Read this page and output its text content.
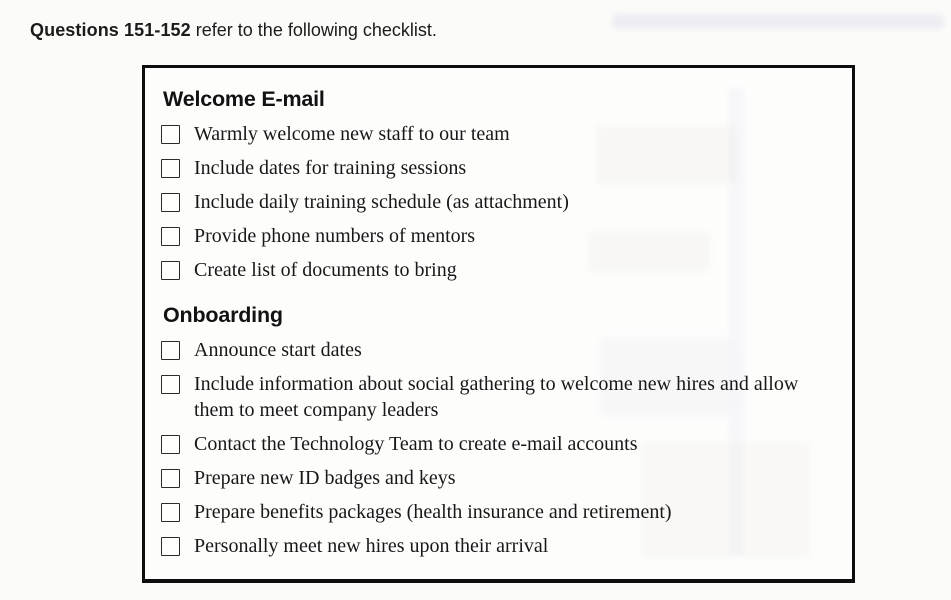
Questions 151-152 refer to the following checklist.

Welcome E-mail
Warmly welcome new staff to our team
Include dates for training sessions
Include daily training schedule (as attachment)
Provide phone numbers of mentors
Create list of documents to bring
Onboarding
Announce start dates
Include information about social gathering to welcome new hires and allow them to meet company leaders
Contact the Technology Team to create e-mail accounts
Prepare new ID badges and keys
Prepare benefits packages (health insurance and retirement)
Personally meet new hires upon their arrival
